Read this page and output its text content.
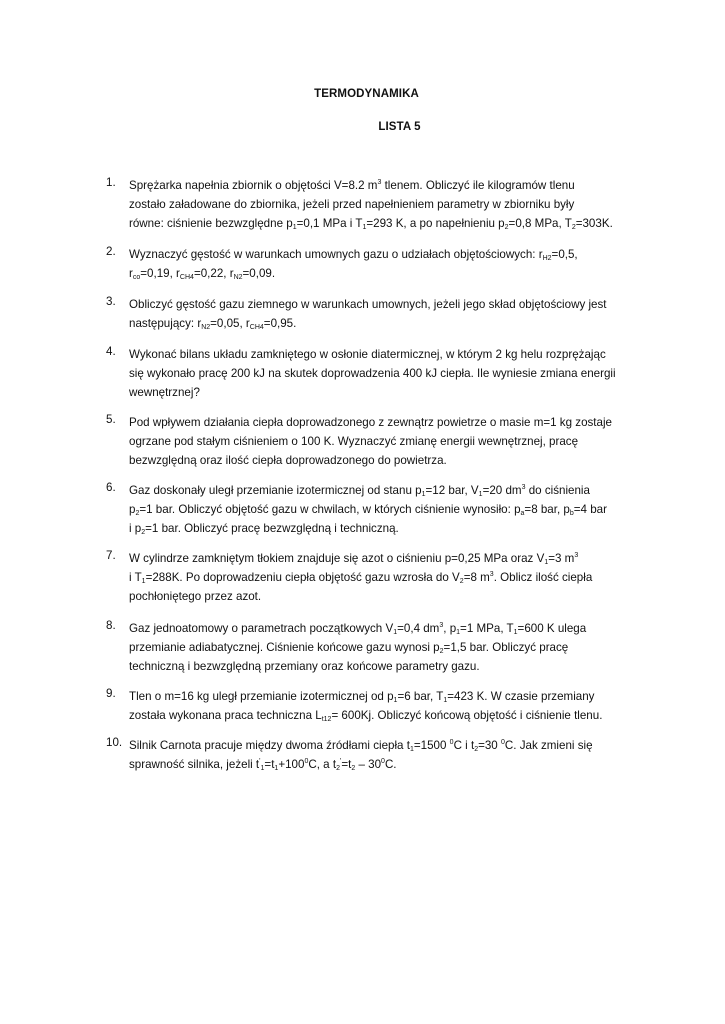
TERMODYNAMIKA
LISTA 5
1.	Sprężarka napełnia zbiornik o objętości V=8.2 $m^3$ tlenem. Obliczyć ile kilogramów tlenu
zostało załadowane do zbiornika, jeżeli przed napełnieniem parametry w zbiorniku były
równe: ciśnienie bezwzględne $p_1=0,1$ MPa i $T_1=293$ K, a po napełnieniu $p_2=0,8$ MPa, $T_2=303K$.
2.	Wyznaczyć gęstość w warunkach umownych gazu o udziałach objętościowych: $r_{H2}=0,5$,
$r_{co}=0,19$, $r_{CH4}=0,22$, $r_{N2}=0,09$.
3.	Obliczyć gęstość gazu ziemnego w warunkach umownych, jeżeli jego skład objętościowy jest
następujący: $r_{N2}=0,05$, $r_{CH4}=0,95$.
4.	Wykonać bilans układu zamkniętego w osłonie diatermicznej, w którym 2 kg helu rozprężając
się wykonało pracę 200 kJ na skutek doprowadzenia 400 kJ ciepła. Ile wyniesie zmiana energii
wewnętrznej?
5.	Pod wpływem działania ciepła doprowadzonego z zewnątrz powietrze o masie m=1 kg zostaje
ogrzane pod stałym ciśnieniem o 100 K. Wyznaczyć zmianę energii wewnętrznej, pracę
bezwzględną oraz ilość ciepła doprowadzonego do powietrza.
6.	Gaz doskonały uległ przemianie izotermicznej od stanu $p_1=12$ bar, $V_1=20$ $dm^3$ do ciśnienia
$p_2=1$ bar. Obliczyć objętość gazu w chwilach, w których ciśnienie wynosiło: $p_a=8$ bar, $p_b=4$ bar
i $p_2=1$ bar. Obliczyć pracę bezwzględną i techniczną.
7.	W cylindrze zamkniętym tłokiem znajduje się azot o ciśnieniu p=0,25 MPa oraz $V_1=3$ $m^3$
i $T_1=288K$. Po doprowadzeniu ciepła objętość gazu wzrosła do $V_2=8$ $m^3$. Oblicz ilość ciepła
pochłoniętego przez azot.
8.	Gaz jednoatomowy o parametrach początkowych $V_1=0,4$ $dm^3$, $p_1=1$ MPa, $T_1=600$ K ulega
przemianie adiabatycznej. Ciśnienie końcowe gazu wynosi $p_2=1,5$ bar. Obliczyć pracę
techniczną i bezwzględną przemiany oraz końcowe parametry gazu.
9.	Tlen o m=16 kg uległ przemianie izotermicznej od $p_1=6$ bar, $T_1=423$ K. W czasie przemiany
została wykonana praca techniczna $L_{t12}= 600Kj$. Obliczyć końcową objętość i ciśnienie tlenu.
10. Silnik Carnota pracuje między dwoma źródłami ciepła $t_1=1500$ $^0$C i $t_2=30$ $^0$C. Jak zmieni się
sprawność silnika, jeżeli $t'_1=t_1+100^0C$, a $t_2'=t_2 - 30^0C$.
